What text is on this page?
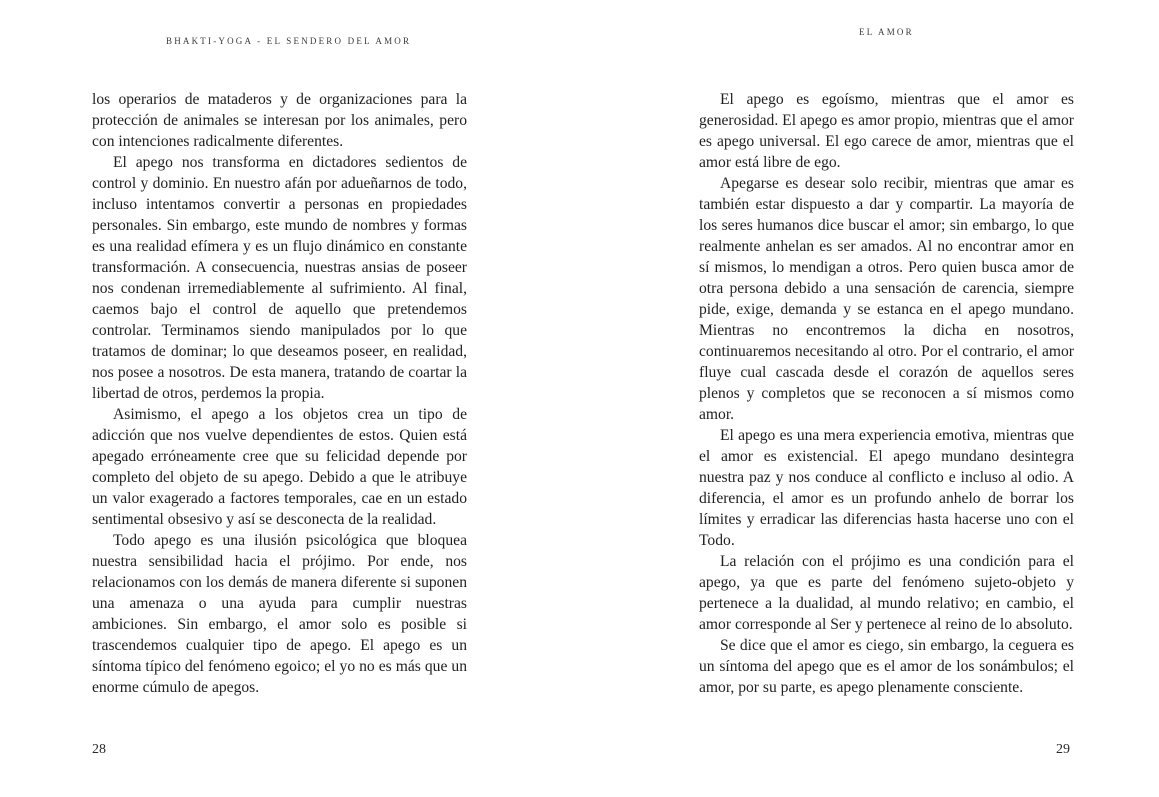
BHAKTI-YOGA - EL SENDERO DEL AMOR

los operarios de mataderos y de organizaciones para la protección de animales se interesan por los animales, pero con intenciones radicalmente diferentes.

El apego nos transforma en dictadores sedientos de control y dominio. En nuestro afán por adueñarnos de todo, incluso intentamos convertir a personas en propiedades personales. Sin embargo, este mundo de nombres y formas es una realidad efímera y es un flujo dinámico en constante transformación. A consecuencia, nuestras ansias de poseer nos condenan irremediablemente al sufrimiento. Al final, caemos bajo el control de aquello que pretendemos controlar. Terminamos siendo manipulados por lo que tratamos de dominar; lo que deseamos poseer, en realidad, nos posee a nosotros. De esta manera, tratando de coartar la libertad de otros, perdemos la propia.

Asimismo, el apego a los objetos crea un tipo de adicción que nos vuelve dependientes de estos. Quien está apegado erróneamente cree que su felicidad depende por completo del objeto de su apego. Debido a que le atribuye un valor exagerado a factores temporales, cae en un estado sentimental obsesivo y así se desconecta de la realidad.

Todo apego es una ilusión psicológica que bloquea nuestra sensibilidad hacia el prójimo. Por ende, nos relacionamos con los demás de manera diferente si suponen una amenaza o una ayuda para cumplir nuestras ambiciones. Sin embargo, el amor solo es posible si trascendemos cualquier tipo de apego. El apego es un síntoma típico del fenómeno egoico; el yo no es más que un enorme cúmulo de apegos.

28
EL AMOR

El apego es egoísmo, mientras que el amor es generosidad. El apego es amor propio, mientras que el amor es apego universal. El ego carece de amor, mientras que el amor está libre de ego.

Apegarse es desear solo recibir, mientras que amar es también estar dispuesto a dar y compartir. La mayoría de los seres humanos dice buscar el amor; sin embargo, lo que realmente anhelan es ser amados. Al no encontrar amor en sí mismos, lo mendigan a otros. Pero quien busca amor de otra persona debido a una sensación de carencia, siempre pide, exige, demanda y se estanca en el apego mundano. Mientras no encontremos la dicha en nosotros, continuaremos necesitando al otro. Por el contrario, el amor fluye cual cascada desde el corazón de aquellos seres plenos y completos que se reconocen a sí mismos como amor.

El apego es una mera experiencia emotiva, mientras que el amor es existencial. El apego mundano desintegra nuestra paz y nos conduce al conflicto e incluso al odio. A diferencia, el amor es un profundo anhelo de borrar los límites y erradicar las diferencias hasta hacerse uno con el Todo.

La relación con el prójimo es una condición para el apego, ya que es parte del fenómeno sujeto-objeto y pertenece a la dualidad, al mundo relativo; en cambio, el amor corresponde al Ser y pertenece al reino de lo absoluto.

Se dice que el amor es ciego, sin embargo, la ceguera es un síntoma del apego que es el amor de los sonámbulos; el amor, por su parte, es apego plenamente consciente.

29
